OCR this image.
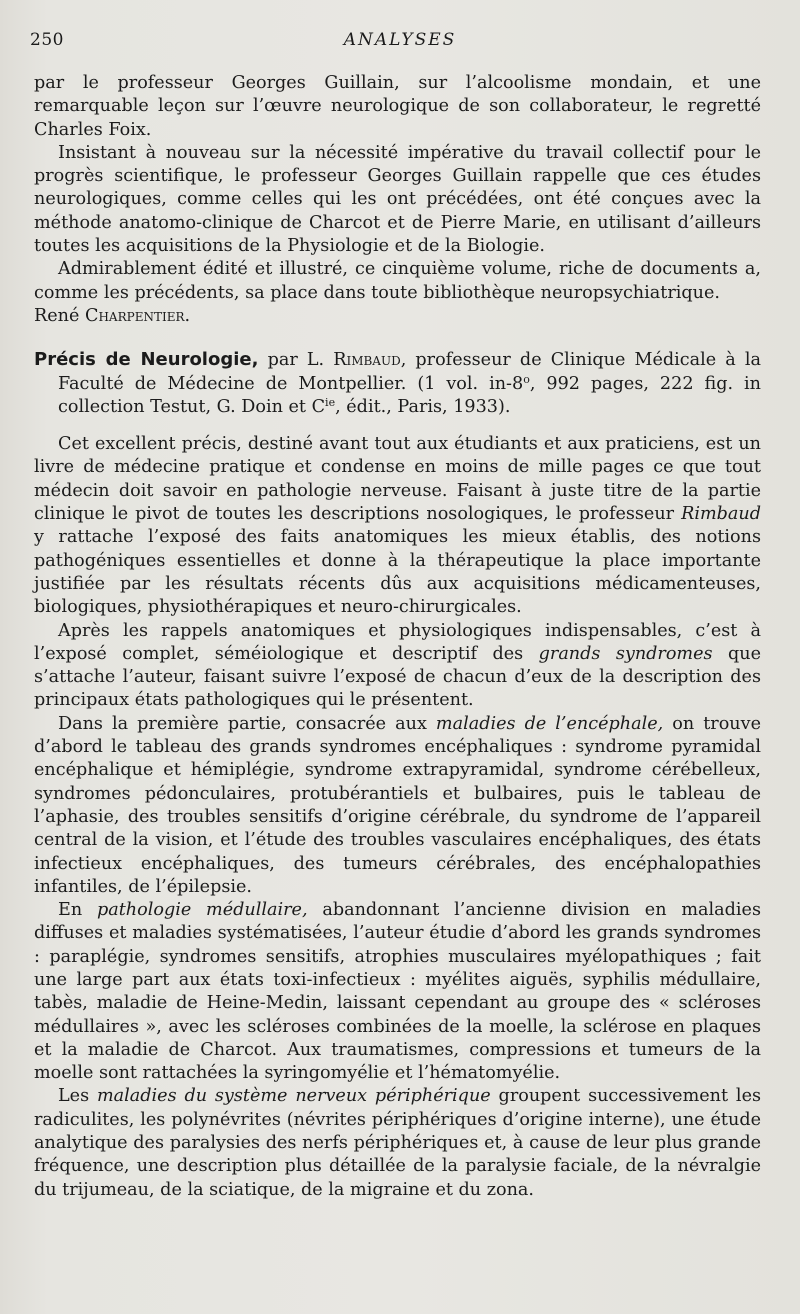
250	ANALYSES

par le professeur Georges Guillain, sur l’alcoolisme mondain, et une remarquable leçon sur l’œuvre neurologique de son collaborateur, le regretté Charles Foix.

Insistant à nouveau sur la nécessité impérative du travail collectif pour le progrès scientifique, le professeur Georges Guillain rappelle que ces études neurologiques, comme celles qui les ont précédées, ont été conçues avec la méthode anatomo-clinique de Charcot et de Pierre Marie, en utilisant d’ailleurs toutes les acquisitions de la Physiologie et de la Biologie.

Admirablement édité et illustré, ce cinquième volume, riche de documents a, comme les précédents, sa place dans toute bibliothèque neuropsychiatrique.

René Charpentier.

Précis de Neurologie, par L. Rimbaud, professeur de Clinique Médicale à la Faculté de Médecine de Montpellier. (1 vol. in-8$^o$, 992 pages, 222 fig. in collection Testut, G. Doin et $C^{ie}$, édit., Paris, 1933).

Cet excellent précis, destiné avant tout aux étudiants et aux praticiens, est un livre de médecine pratique et condense en moins de mille pages ce que tout médecin doit savoir en pathologie nerveuse. Faisant à juste titre de la partie clinique le pivot de toutes les descriptions nosologiques, le professeur Rimbaud y rattache l’exposé des faits anatomiques les mieux établis, des notions pathogéniques essentielles et donne à la thérapeutique la place importante justifiée par les résultats récents dûs aux acquisitions médicamenteuses, biologiques, physiothérapiques et neuro-chirurgicales.

Après les rappels anatomiques et physiologiques indispensables, c’est à l’exposé complet, séméiologique et descriptif des grands syndromes que s’attache l’auteur, faisant suivre l’exposé de chacun d’eux de la description des principaux états pathologiques qui le présentent.

Dans la première partie, consacrée aux maladies de l’encéphale, on trouve d’abord le tableau des grands syndromes encéphaliques : syndrome pyramidal encéphalique et hémiplégie, syndrome extrapyramidal, syndrome cérébelleux, syndromes pédonculaires, protubérantiels et bulbaires, puis le tableau de l’aphasie, des troubles sensitifs d’origine cérébrale, du syndrome de l’appareil central de la vision, et l’étude des troubles vasculaires encéphaliques, des états infectieux encéphaliques, des tumeurs cérébrales, des encéphalopathies infantiles, de l’épilepsie.

En pathologie médullaire, abandonnant l’ancienne division en maladies diffuses et maladies systématisées, l’auteur étudie d’abord les grands syndromes : paraplégie, syndromes sensitifs, atrophies musculaires myélopathiques ; fait une large part aux états toxi-infectieux : myélites aiguës, syphilis médullaire, tabès, maladie de Heine-Medin, laissant cependant au groupe des « scléroses médullaires », avec les scléroses combinées de la moelle, la sclérose en plaques et la maladie de Charcot. Aux traumatismes, compressions et tumeurs de la moelle sont rattachées la syringomyélie et l’hématomyélie.

Les maladies du système nerveux périphérique groupent successivement les radiculites, les polynévrites (névrites périphériques d’origine interne), une étude analytique des paralysies des nerfs périphériques et, à cause de leur plus grande fréquence, une description plus détaillée de la paralysie faciale, de la névralgie du trijumeau, de la sciatique, de la migraine et du zona.
